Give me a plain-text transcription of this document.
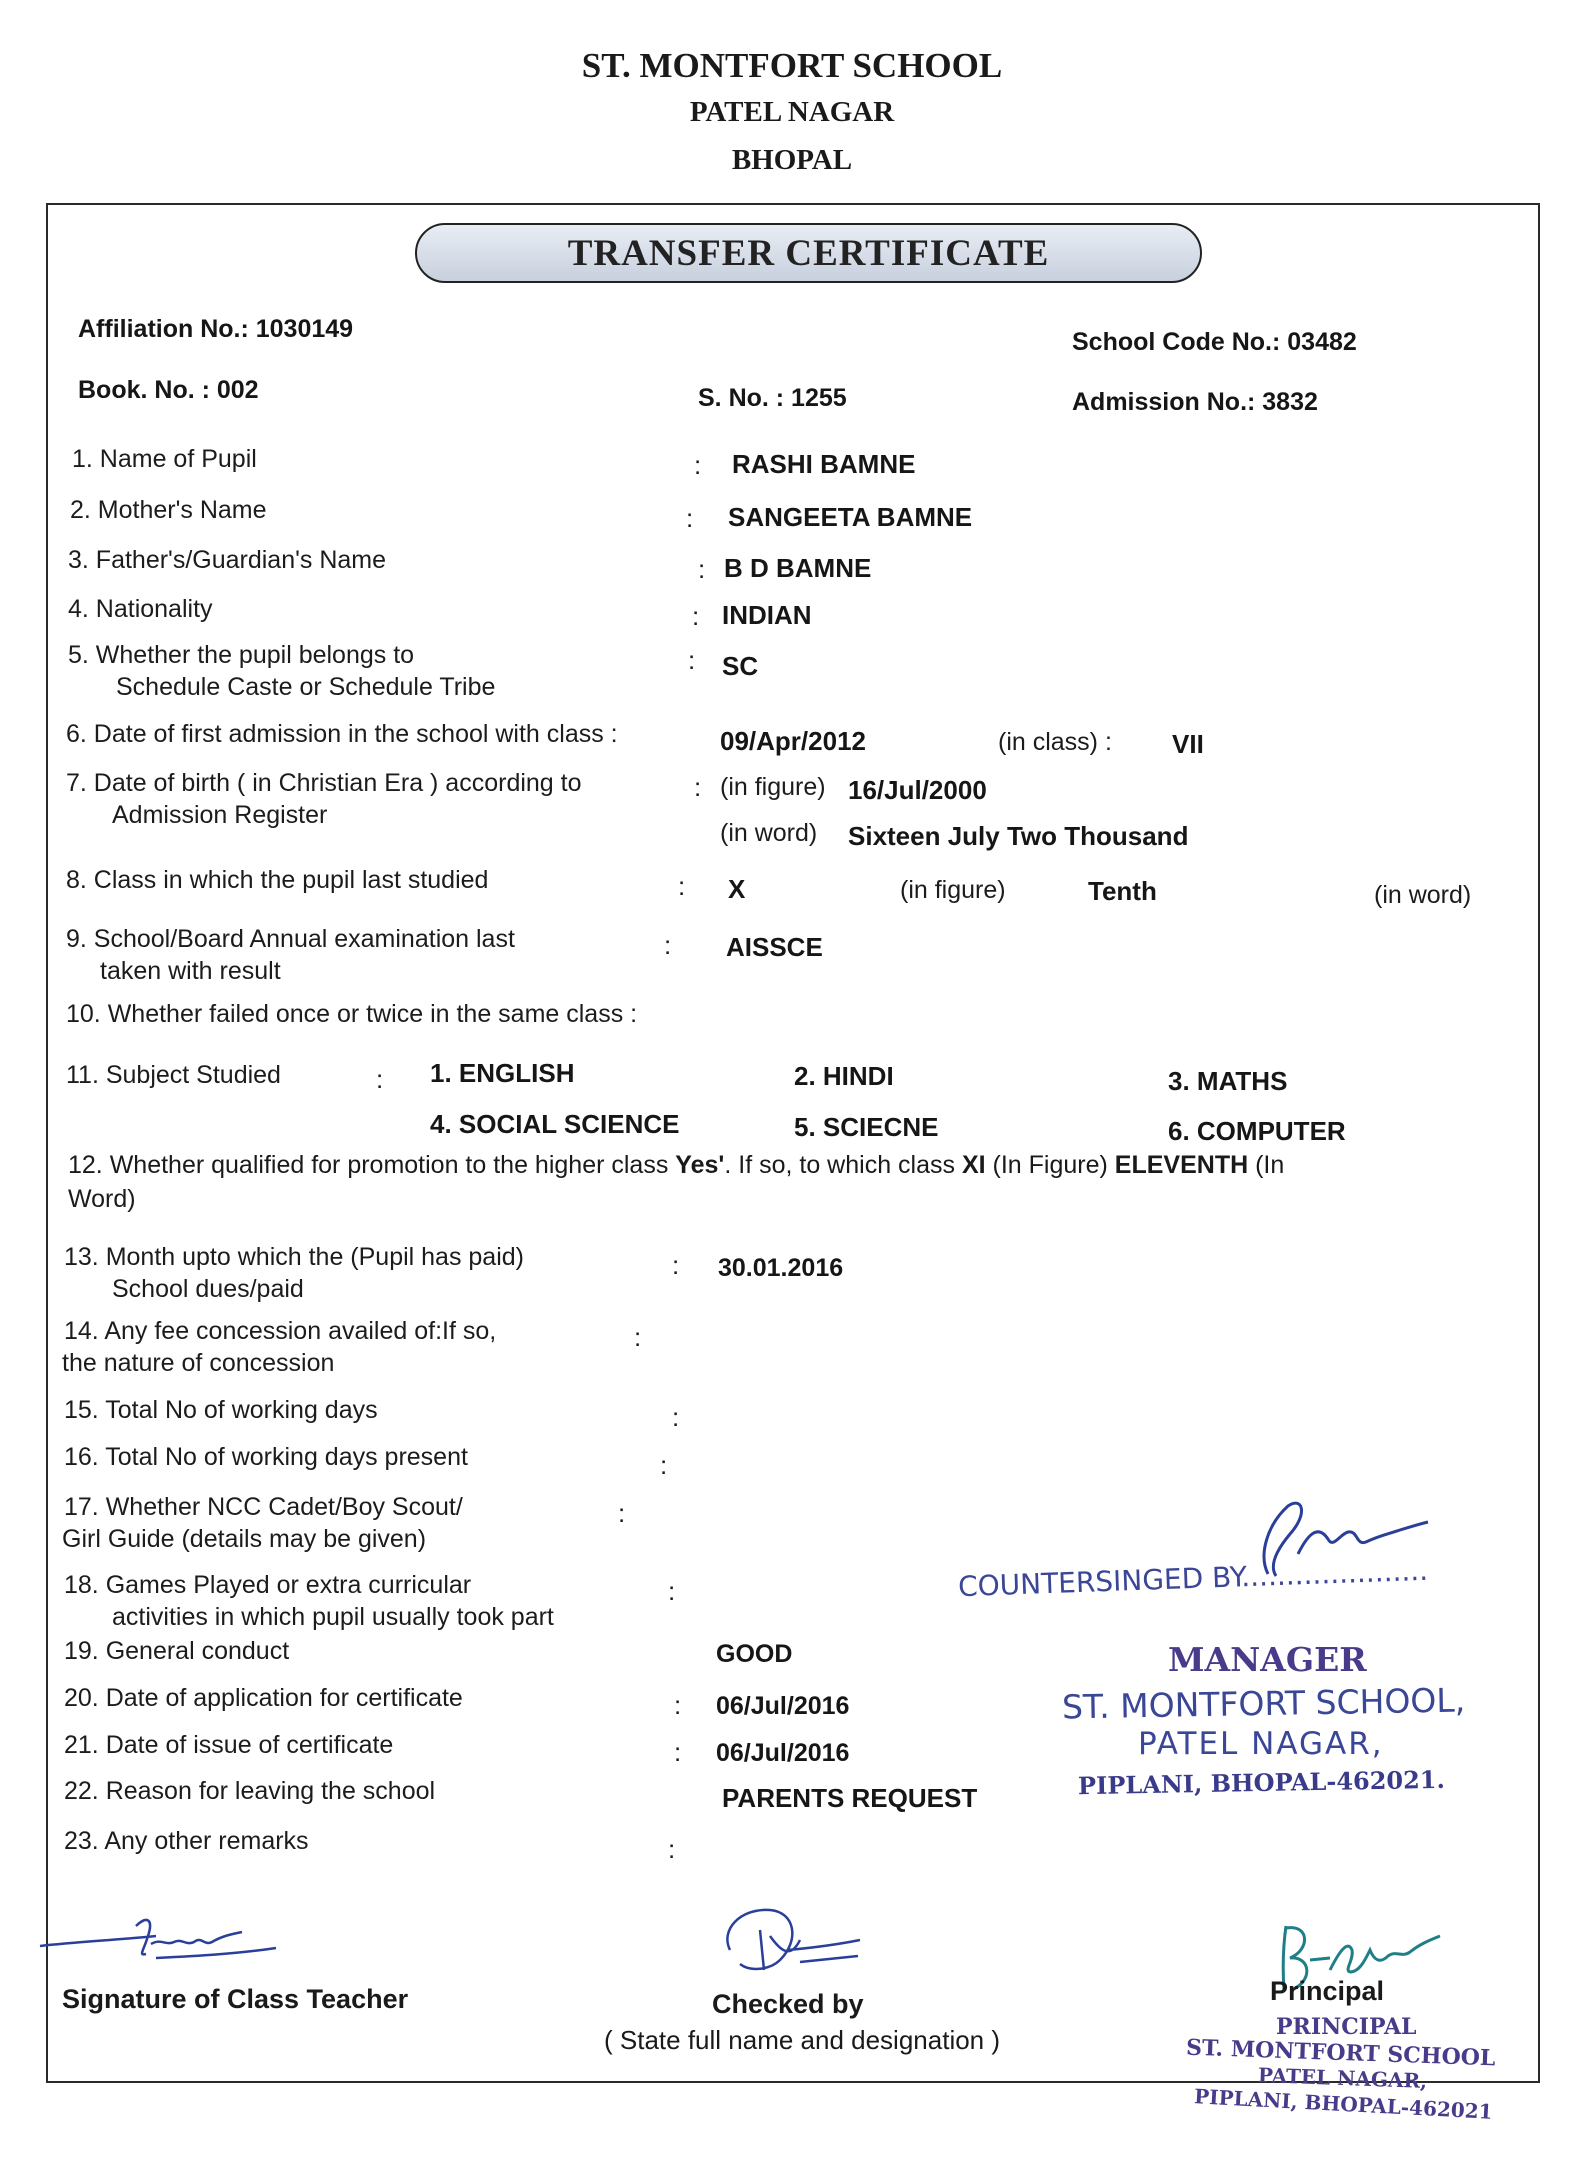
ST. MONTFORT SCHOOL
PATEL NAGAR
BHOPAL
TRANSFER CERTIFICATE
Affiliation No.: 1030149	School Code No.: 03482
Book. No. : 002	S. No. : 1255	Admission No.: 3832
1. Name of Pupil	: RASHI BAMNE
2. Mother's Name	: SANGEETA BAMNE
3. Father's/Guardian's Name	: B D BAMNE
4. Nationality	: INDIAN
5. Whether the pupil belongs to
Schedule Caste or Schedule Tribe
: SC
6. Date of first admission in the school with class :	09/Apr/2012	(in class) : VII
7. Date of birth ( in Christian Era ) according to
Admission Register
: (in figure) 16/Jul/2000
(in word) Sixteen July Two Thousand
8. Class in which the pupil last studied	: X	(in figure)	Tenth	(in word)
9. School/Board Annual examination last
taken with result
: AISSCE
10. Whether failed once or twice in the same class :
11. Subject Studied	: 1. ENGLISH	2. HINDI	3. MATHS
4. SOCIAL SCIENCE	5. SCIECNE	6. COMPUTER
12. Whether qualified for promotion to the higher class Yes'. If so, to which class XI (In Figure) ELEVENTH (In
Word)
13. Month upto which the (Pupil has paid)
School dues/paid
: 30.01.2016
14. Any fee concession availed of:If so,
the nature of concession
:
15. Total No of working days	:
16. Total No of working days present	:
17. Whether NCC Cadet/Boy Scout/
Girl Guide (details may be given)
:
18. Games Played or extra curricular
activities in which pupil usually took part
:
19. General conduct	GOOD
20. Date of application for certificate	: 06/Jul/2016
21. Date of issue of certificate	: 06/Jul/2016
22. Reason for leaving the school	PARENTS REQUEST
23. Any other remarks	:
COUNTERSINGED BY.....................
MANAGER
ST. MONTFORT SCHOOL,
PATEL NAGAR,
PIPLANI, BHOPAL-462021.
Signature of Class Teacher	Checked by
( State full name and designation )
Principal
PRINCIPAL
ST. MONTFORT SCHOOL
PATEL NAGAR,
PIPLANI, BHOPAL-462021
